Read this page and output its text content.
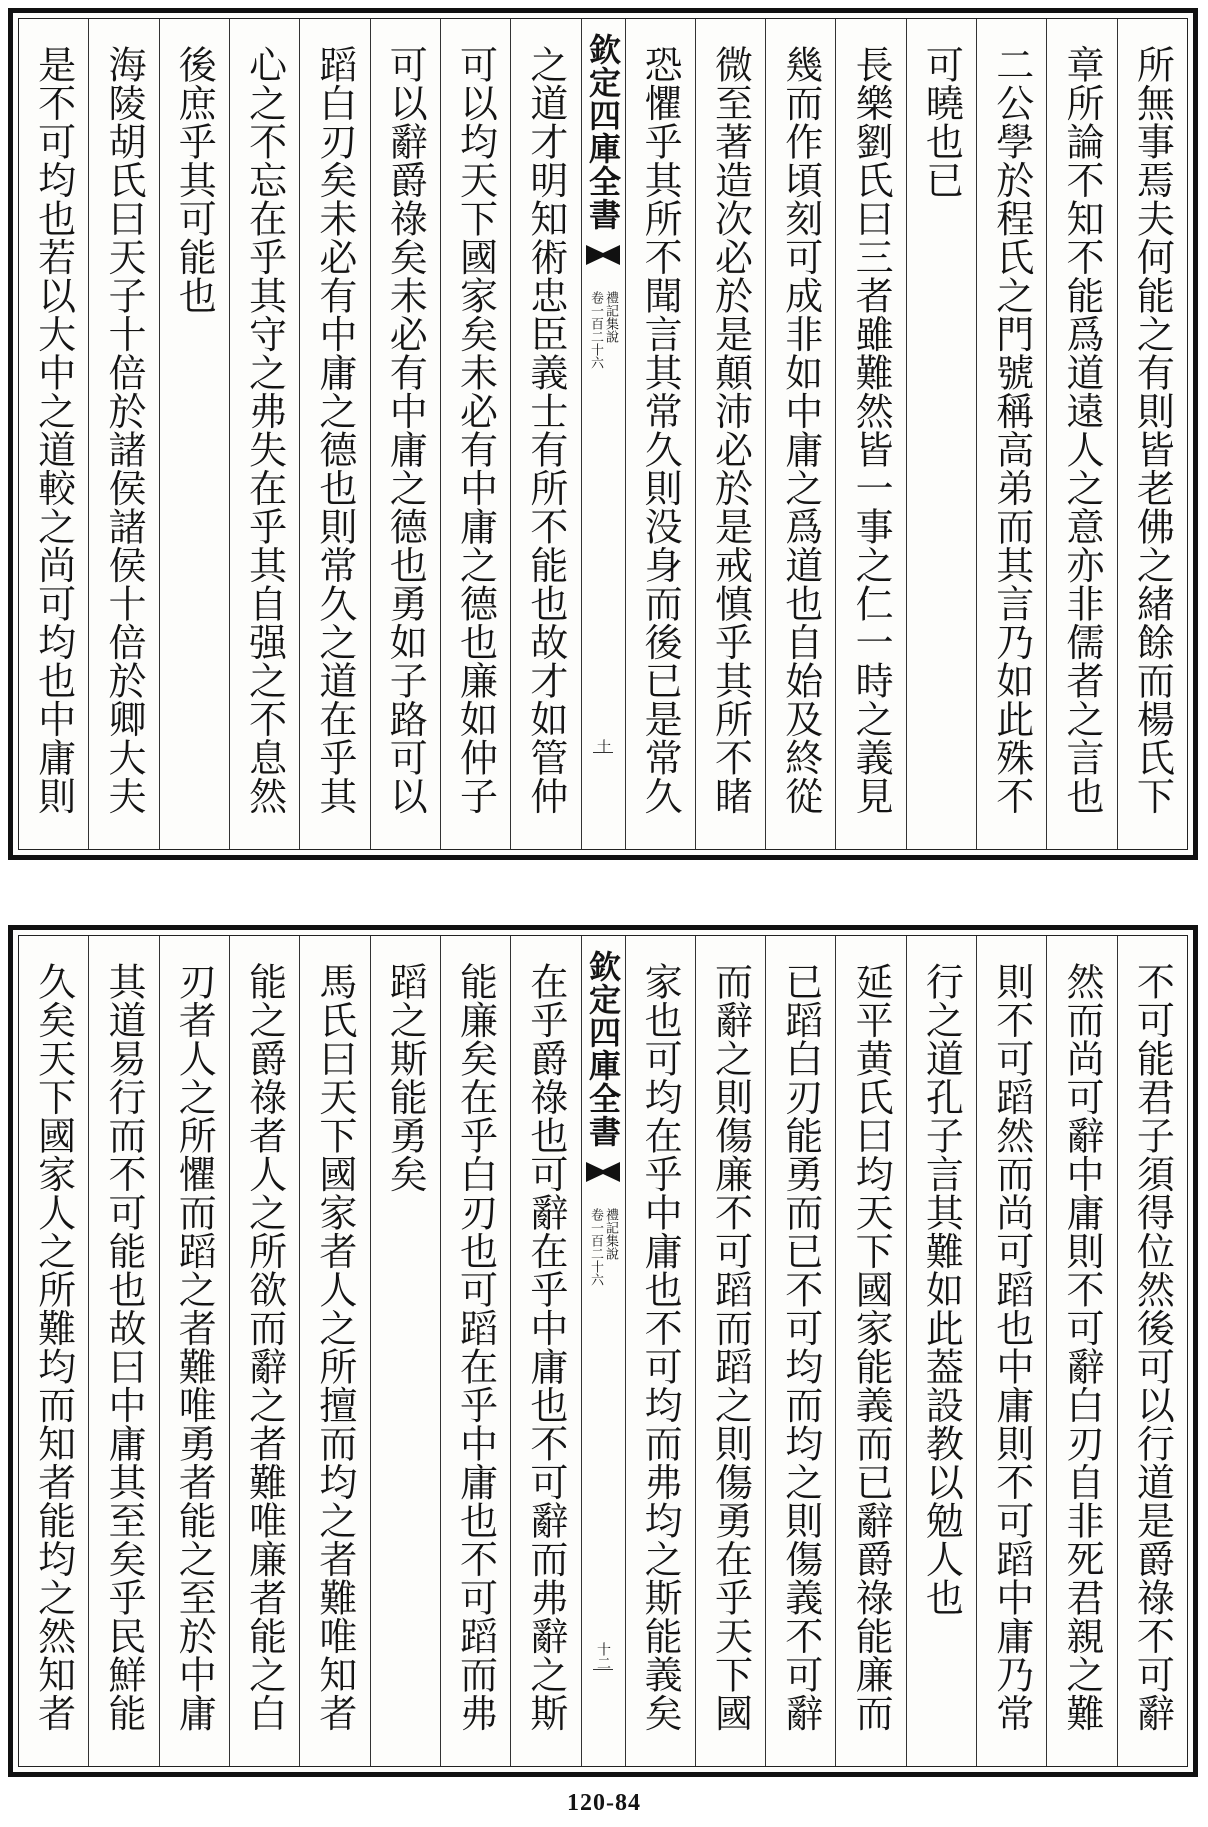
所無事焉夫何能之有則皆老佛之緒餘而楊氏下
章所論不知不能爲道遠人之意亦非儒者之言也
二公學於程氏之門號稱高弟而其言乃如此殊不
可曉也已
長樂劉氏曰三者雖難然皆一事之仁一時之義見
幾而作頃刻可成非如中庸之爲道也自始及終從
微至著造次必於是顛沛必於是戒慎乎其所不睹
恐懼乎其所不聞言其常久則没身而後已是常久
欽定四庫全書
禮記集說
卷一百二十六
十
之道才明知術忠臣義士有所不能也故才如管仲
可以均天下國家矣未必有中庸之德也廉如仲子
可以辭爵祿矣未必有中庸之德也勇如子路可以
蹈白刃矣未必有中庸之德也則常久之道在乎其
心之不忘在乎其守之弗失在乎其自强之不息然
後庶乎其可能也
海陵胡氏曰天子十倍於諸侯諸侯十倍於卿大夫
是不可均也若以大中之道較之尚可均也中庸則
不可能君子須得位然後可以行道是爵祿不可辭
然而尚可辭中庸則不可辭白刃自非死君親之難
則不可蹈然而尚可蹈也中庸則不可蹈中庸乃常
行之道孔子言其難如此葢設教以勉人也
延平黄氏曰均天下國家能義而已辭爵祿能廉而
已蹈白刃能勇而已不可均而均之則傷義不可辭
而辭之則傷廉不可蹈而蹈之則傷勇在乎天下國
家也可均在乎中庸也不可均而弗均之斯能義矣
欽定四庫全書
禮記集說
卷一百二十六
十二
在乎爵祿也可辭在乎中庸也不可辭而弗辭之斯
能廉矣在乎白刃也可蹈在乎中庸也不可蹈而弗
蹈之斯能勇矣
馬氏曰天下國家者人之所擅而均之者難唯知者
能之爵祿者人之所欲而辭之者難唯廉者能之白
刃者人之所懼而蹈之者難唯勇者能之至於中庸
其道易行而不可能也故曰中庸其至矣乎民鮮能
久矣天下國家人之所難均而知者能均之然知者
120-84
